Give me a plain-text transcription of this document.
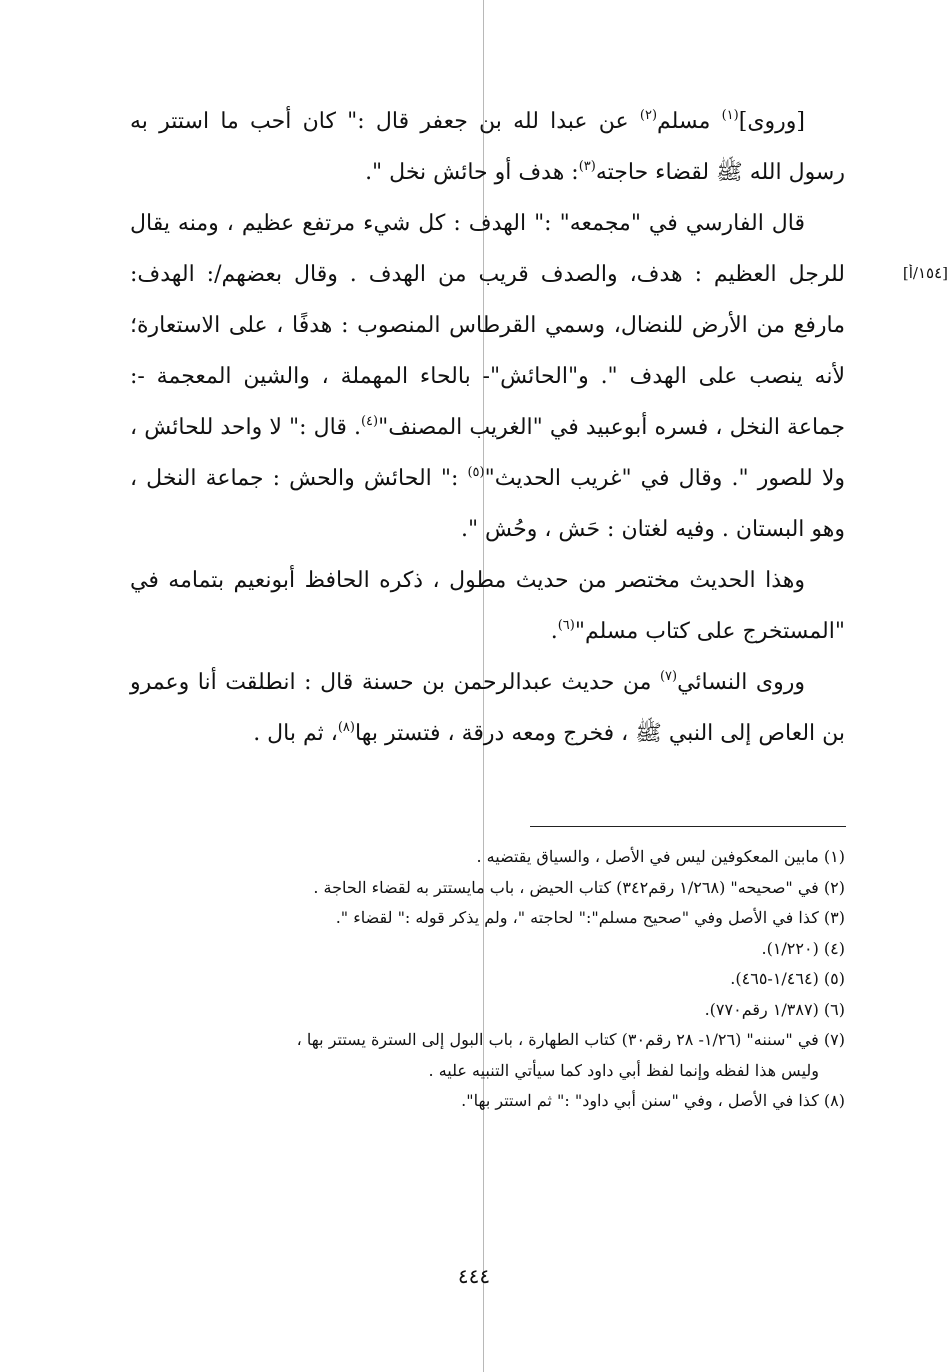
[١٥٤/أ]

[وروى]$^{(١)}$ مسلم$^{(٢)}$ عن عبدا لله بن جعفر قال :" كان أحب ما استتر به رسول الله ﷺ لقضاء حاجته$^{(٣)}$: هدف أو حائش نخل ".

قال الفارسي في "مجمعه" :" الهدف : كل شيء مرتفع عظيم ، ومنه يقال للرجل العظيم : هدف، والصدف قريب من الهدف . وقال بعضهم/: الهدف: مارفع من الأرض للنضال، وسمي القرطاس المنصوب : هدفًا ، على الاستعارة؛ لأنه ينصب على الهدف ". و"الحائش"- بالحاء المهملة ، والشين المعجمة -: جماعة النخل ، فسره أبوعبيد في "الغريب المصنف"$^{(٤)}$. قال :" لا واحد للحائش ، ولا للصور ". وقال في "غريب الحديث"$^{(٥)}$ :" الحائش والحش : جماعة النخل ، وهو البستان . وفيه لغتان : حَش ، وحُش ".

وهذا الحديث مختصر من حديث مطول ، ذكره الحافظ أبونعيم بتمامه في "المستخرج على كتاب مسلم"$^{(٦)}$.

وروى النسائي$^{(٧)}$ من حديث عبدالرحمن بن حسنة قال : انطلقت أنا وعمرو بن العاص إلى النبي ﷺ ، فخرج ومعه درقة ، فتستر بها$^{(٨)}$، ثم بال .

(١) مابين المعكوفين ليس في الأصل ، والسياق يقتضيه .

(٢) في "صحيحه" (١/٢٦٨ رقم٣٤٢) كتاب الحيض ، باب مايستتر به لقضاء الحاجة .

(٣) كذا في الأصل وفي "صحيح مسلم":" لحاجته "، ولم يذكر قوله :" لقضاء ".

(٤) (١/٢٢٠).

(٥) (١/٤٦٤-٤٦٥).

(٦) (١/٣٨٧ رقم٧٧٠).

(٧) في "سننه" (١/٢٦- ٢٨ رقم٣٠) كتاب الطهارة ، باب البول إلى السترة يستتر بها ،

وليس هذا لفظه وإنما لفظ أبي داود كما سيأتي التنبيه عليه .

(٨) كذا في الأصل ، وفي "سنن أبي داود" :" ثم استتر بها".

٤٤٤
